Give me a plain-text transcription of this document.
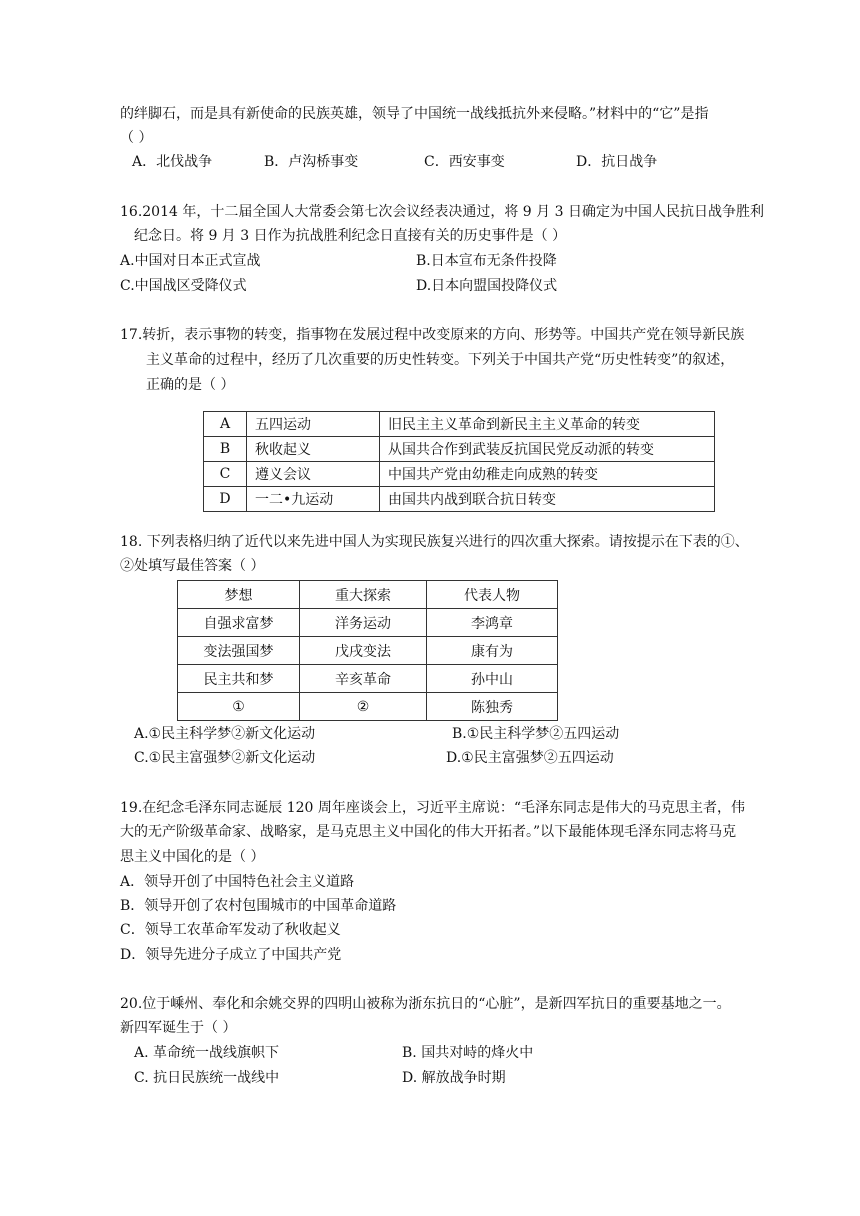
的绊脚石，而是具有新使命的民族英雄，领导了中国统一战线抵抗外来侵略。”材料中的“它”是指
（ ）
A．北伐战争	B．卢沟桥事变	C．西安事变	D．抗日战争
16.2014 年，十二届全国人大常委会第七次会议经表决通过，将 9 月 3 日确定为中国人民抗日战争胜利
纪念日。将 9 月 3 日作为抗战胜利纪念日直接有关的历史事件是（ ）
A.中国对日本正式宣战	B.日本宣布无条件投降
C.中国战区受降仪式	D.日本向盟国投降仪式
17.转折，表示事物的转变，指事物在发展过程中改变原来的方向、形势等。中国共产党在领导新民族
主义革命的过程中，经历了几次重要的历史性转变。下列关于中国共产党“历史性转变”的叙述，
正确的是（ ）
A	五四运动	旧民主主义革命到新民主主义革命的转变
B	秋收起义	从国共合作到武装反抗国民党反动派的转变
C	遵义会议	中国共产党由幼稚走向成熟的转变
D	一二•九运动	由国共内战到联合抗日转变
18. 下列表格归纳了近代以来先进中国人为实现民族复兴进行的四次重大探索。请按提示在下表的①、
②处填写最佳答案（ ）
梦想	重大探索	代表人物
自强求富梦	洋务运动	李鸿章
变法强国梦	戊戌变法	康有为
民主共和梦	辛亥革命	孙中山
①	②	陈独秀
A.①民主科学梦②新文化运动	B.①民主科学梦②五四运动
C.①民主富强梦②新文化运动	D.①民主富强梦②五四运动
19.在纪念毛泽东同志诞辰 120 周年座谈会上，习近平主席说：“毛泽东同志是伟大的马克思主者，伟
大的无产阶级革命家、战略家，是马克思主义中国化的伟大开拓者。”以下最能体现毛泽东同志将马克
思主义中国化的是（ ）
A．领导开创了中国特色社会主义道路
B．领导开创了农村包围城市的中国革命道路
C．领导工农革命军发动了秋收起义
D．领导先进分子成立了中国共产党
20.位于嵊州、奉化和余姚交界的四明山被称为浙东抗日的“心脏”，是新四军抗日的重要基地之一。
新四军诞生于（ ）
A. 革命统一战线旗帜下	B. 国共对峙的烽火中
C. 抗日民族统一战线中	D. 解放战争时期
